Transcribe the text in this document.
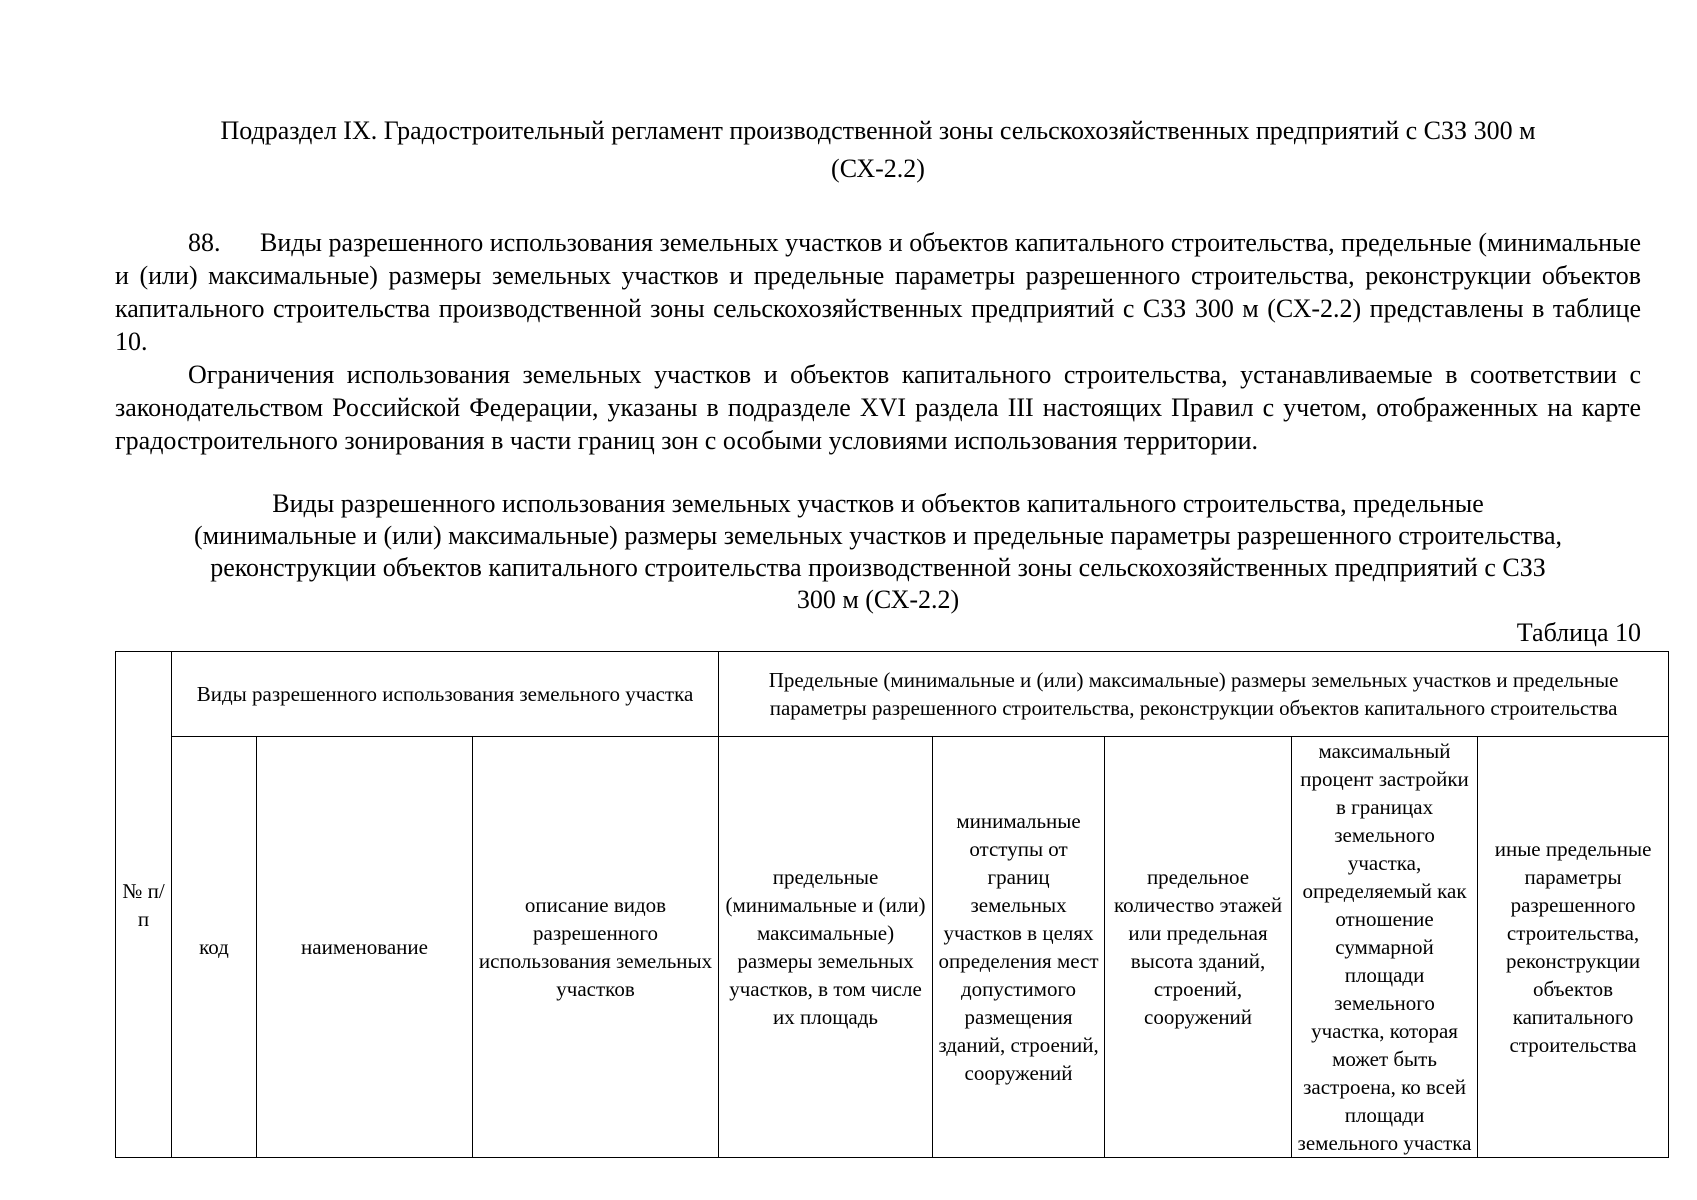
Подраздел IX. Градостроительный регламент производственной зоны сельскохозяйственных предприятий с СЗЗ 300 м
(СХ-2.2)

88. Виды разрешенного использования земельных участков и объектов капитального строительства, предельные (минимальные и (или) максимальные) размеры земельных участков и предельные параметры разрешенного строительства, реконструкции объектов капитального строительства производственной зоны сельскохозяйственных предприятий с СЗЗ 300 м (СХ-2.2) представлены в таблице 10.

Ограничения использования земельных участков и объектов капитального строительства, устанавливаемые в соответствии с законодательством Российской Федерации, указаны в подразделе XVI раздела III настоящих Правил с учетом, отображенных на карте градостроительного зонирования в части границ зон с особыми условиями использования территории.

Виды разрешенного использования земельных участков и объектов капитального строительства, предельные

(минимальные и (или) максимальные) размеры земельных участков и предельные параметры разрешенного строительства,

реконструкции объектов капитального строительства производственной зоны сельскохозяйственных предприятий с СЗЗ

300 м (СХ-2.2)

Таблица 10
№ п/п	Виды разрешенного использования земельного участка			Предельные (минимальные и (или) максимальные) размеры земельных участков и предельные параметры разрешенного строительства, реконструкции объектов капитального строительства				

	код	наименование	описание видов разрешенного использования земельных участков	предельные (минимальные и (или) максимальные) размеры земельных участков, в том числе их площадь	минимальные отступы от границ земельных участков в целях определения мест допустимого размещения зданий, строений, сооружений	предельное количество этажей или предельная высота зданий, строений, сооружений	максимальный процент застройки в границах земельного участка, определяемый как отношение суммарной площади земельного участка, которая может быть застроена, ко всей площади земельного участка	иные предельные параметры разрешенного строительства, реконструкции объектов капитального строительства
